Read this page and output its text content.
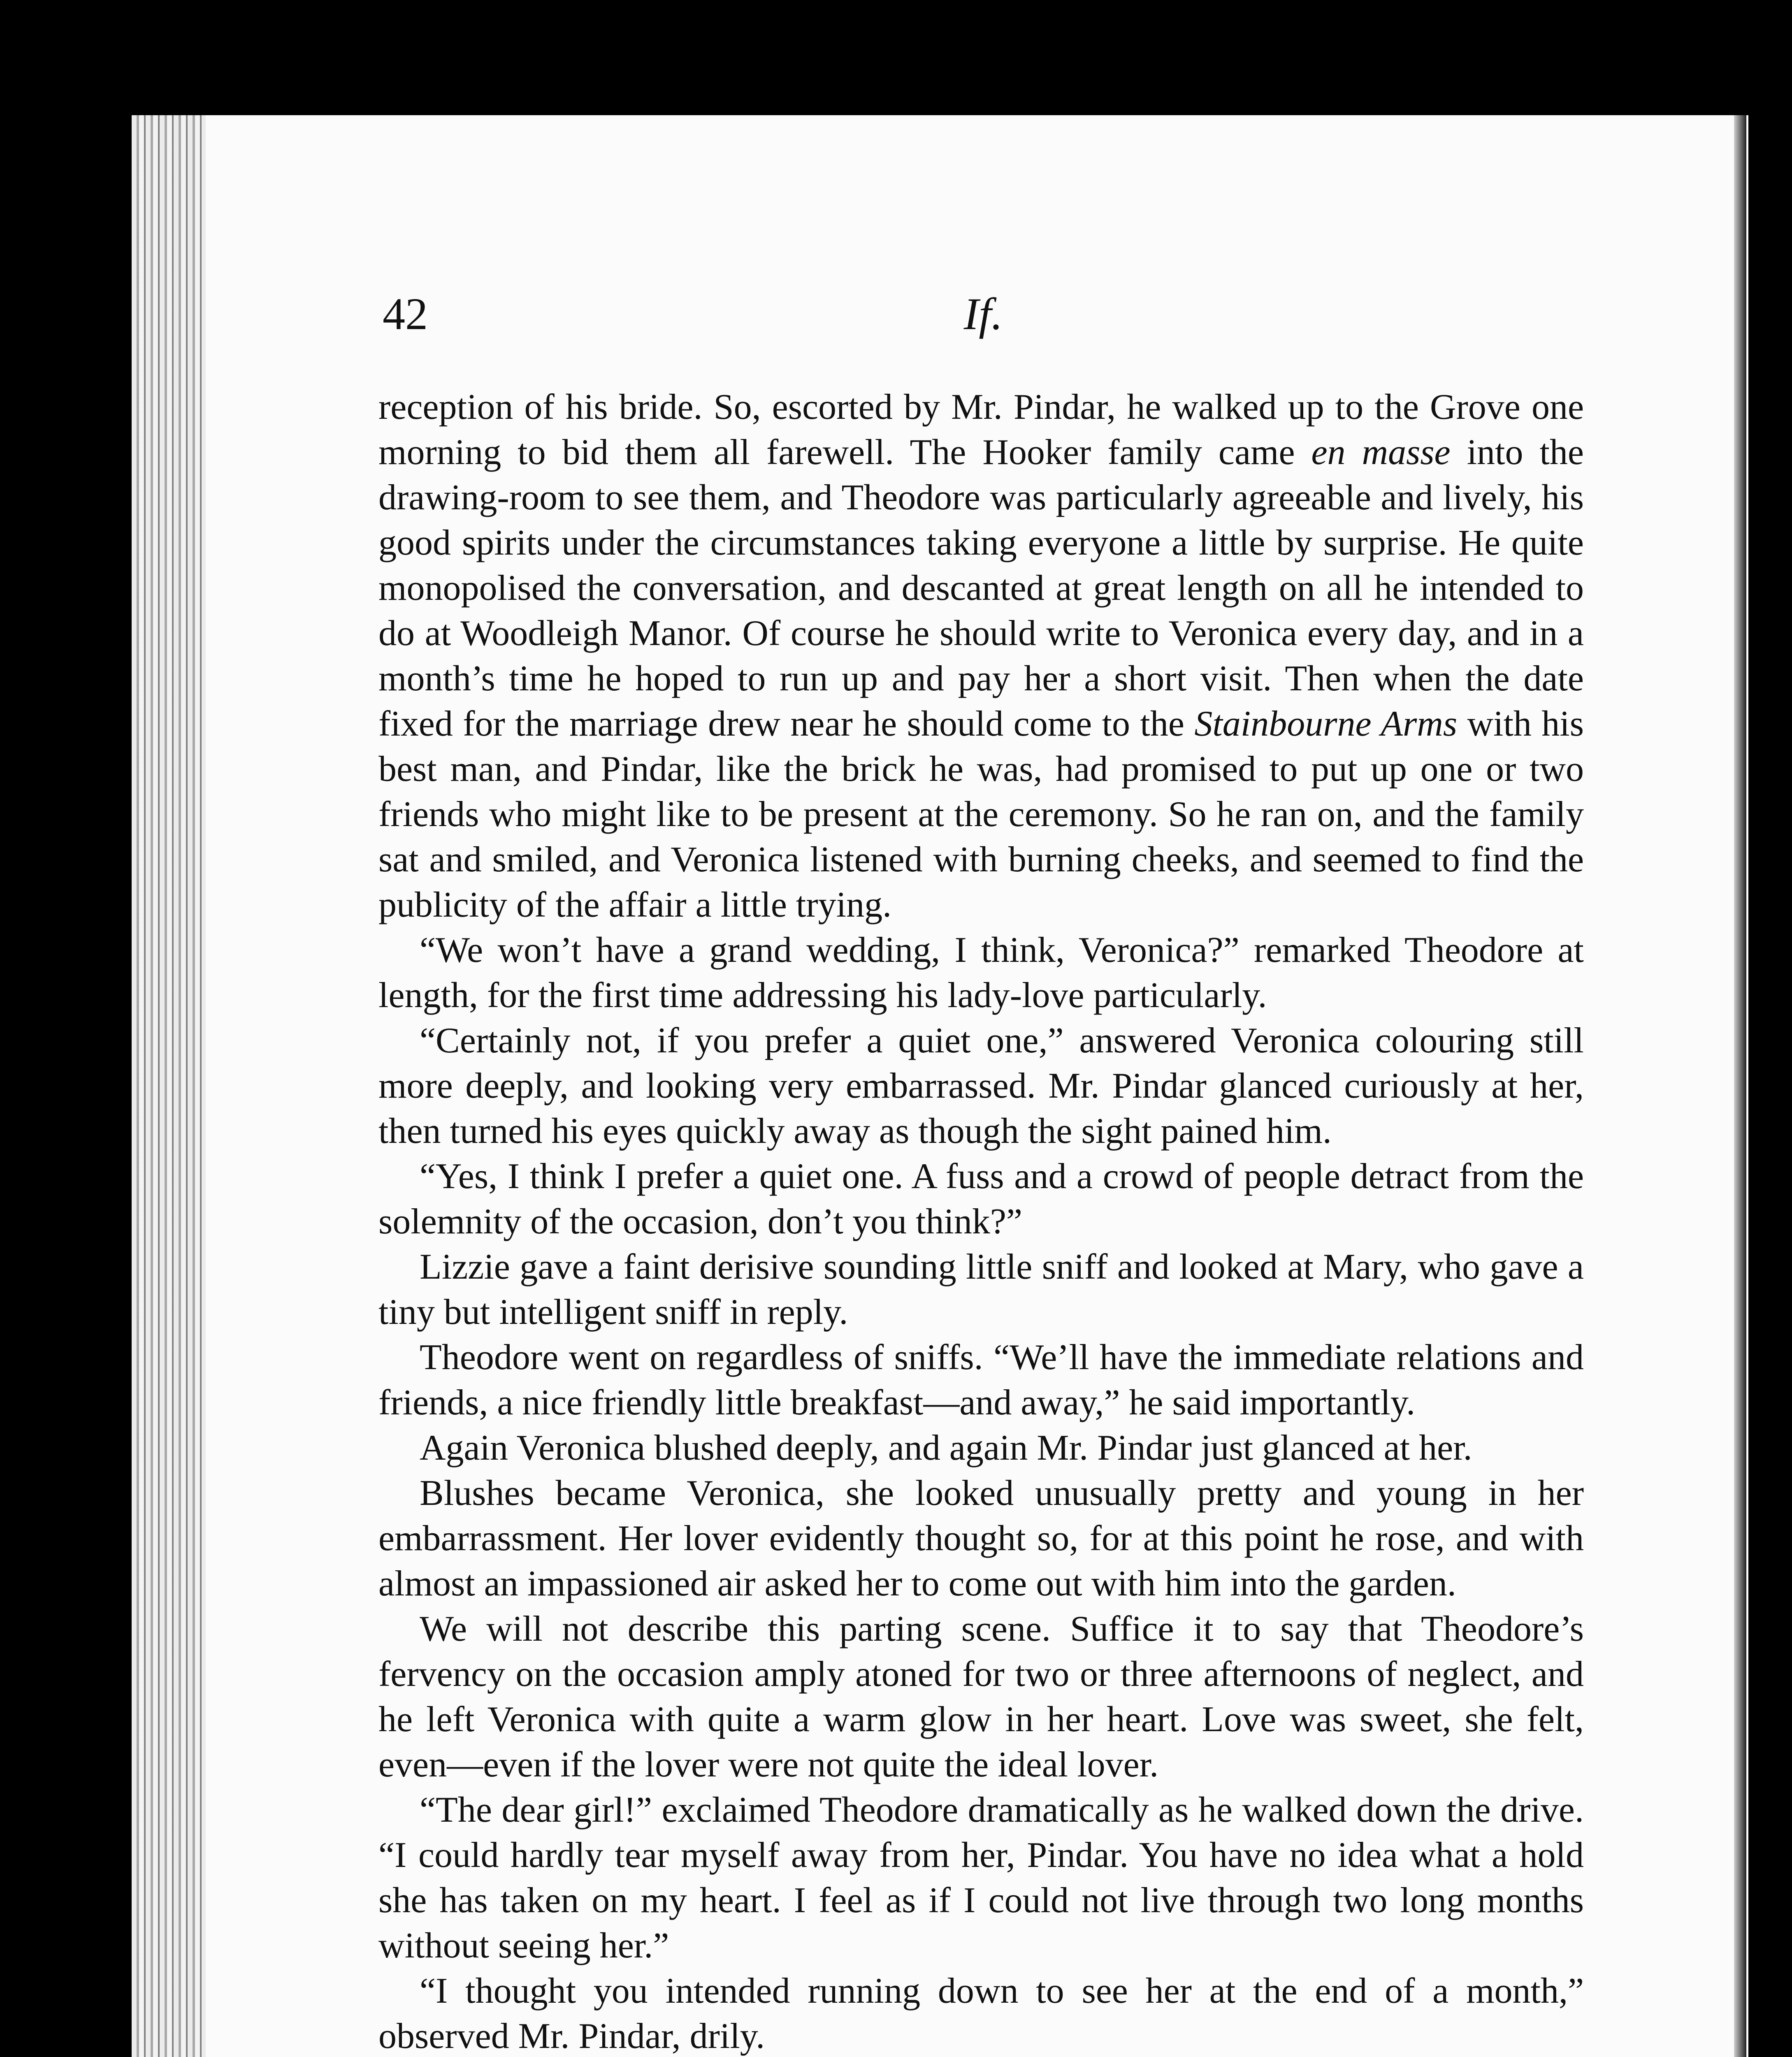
42	If.

reception of his bride. So, escorted by Mr. Pindar, he walked up to the Grove one morning to bid them all farewell. The Hooker family came en masse into the drawing-room to see them, and Theodore was particularly agreeable and lively, his good spirits under the circumstances taking everyone a little by surprise. He quite monopolised the conversation, and descanted at great length on all he intended to do at Woodleigh Manor. Of course he should write to Veronica every day, and in a month’s time he hoped to run up and pay her a short visit. Then when the date fixed for the marriage drew near he should come to the Stainbourne Arms with his best man, and Pindar, like the brick he was, had promised to put up one or two friends who might like to be present at the ceremony. So he ran on, and the family sat and smiled, and Veronica listened with burning cheeks, and seemed to find the publicity of the affair a little trying.

“We won’t have a grand wedding, I think, Veronica?” remarked Theodore at length, for the first time addressing his lady-love particularly.

“Certainly not, if you prefer a quiet one,” answered Veronica colouring still more deeply, and looking very embarrassed. Mr. Pindar glanced curiously at her, then turned his eyes quickly away as though the sight pained him.

“Yes, I think I prefer a quiet one. A fuss and a crowd of people detract from the solemnity of the occasion, don’t you think?”

Lizzie gave a faint derisive sounding little sniff and looked at Mary, who gave a tiny but intelligent sniff in reply.

Theodore went on regardless of sniffs. “We’ll have the immediate relations and friends, a nice friendly little breakfast—and away,” he said importantly.

Again Veronica blushed deeply, and again Mr. Pindar just glanced at her.

Blushes became Veronica, she looked unusually pretty and young in her embarrassment. Her lover evidently thought so, for at this point he rose, and with almost an impassioned air asked her to come out with him into the garden.

We will not describe this parting scene. Suffice it to say that Theodore’s fervency on the occasion amply atoned for two or three afternoons of neglect, and he left Veronica with quite a warm glow in her heart. Love was sweet, she felt, even—even if the lover were not quite the ideal lover.

“The dear girl!” exclaimed Theodore dramatically as he walked down the drive. “I could hardly tear myself away from her, Pindar. You have no idea what a hold she has taken on my heart. I feel as if I could not live through two long months without seeing her.”

“I thought you intended running down to see her at the end of a month,” observed Mr. Pindar, drily.
